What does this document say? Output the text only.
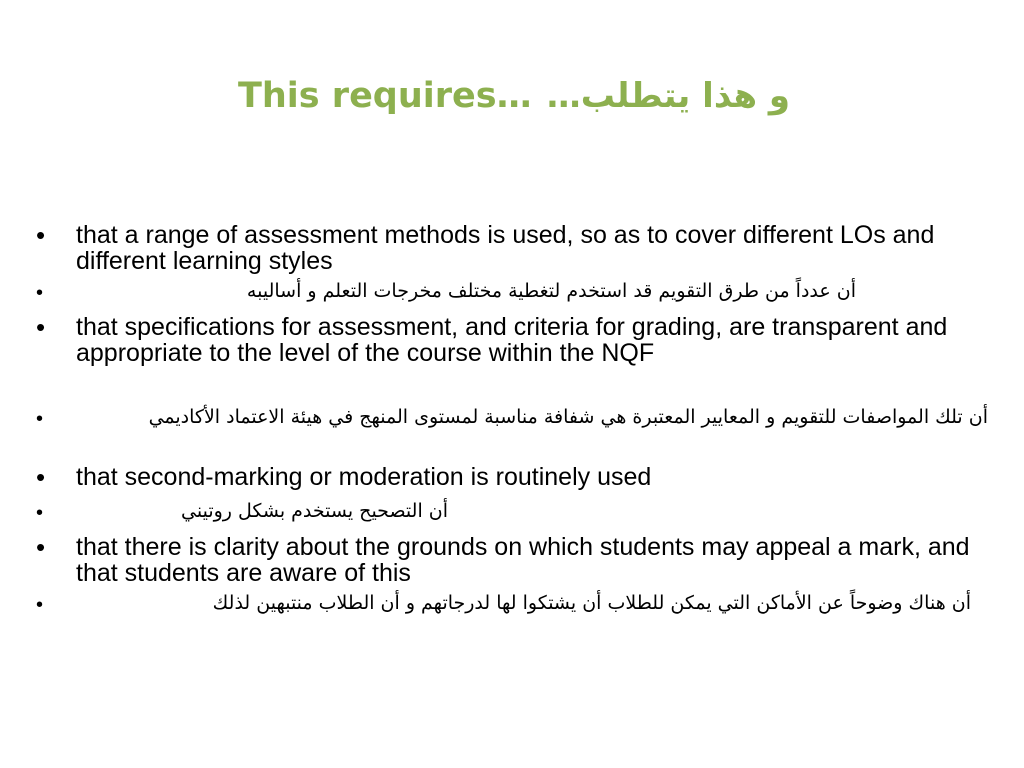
This requires… و هذا يتطلب…
• that a range of assessment methods is used, so as to cover different LOs and different learning styles
•	أن عدداً من طرق التقويم قد استخدم لتغطية مختلف مخرجات التعلم و أساليبه
• that specifications for assessment, and criteria for grading, are transparent and appropriate to the level of the course within the NQF
•	أن تلك المواصفات للتقويم و المعايير المعتبرة هي شفافة مناسبة لمستوى المنهج في هيئة الاعتماد الأكاديمي
• that second-marking or moderation is routinely used
•	أن التصحيح يستخدم بشكل روتيني
• that there is clarity about the grounds on which students may appeal a mark, and that students are aware of this
•	أن هناك وضوحاً عن الأماكن التي يمكن للطلاب أن يشتكوا لها لدرجاتهم و أن الطلاب منتبهين لذلك
